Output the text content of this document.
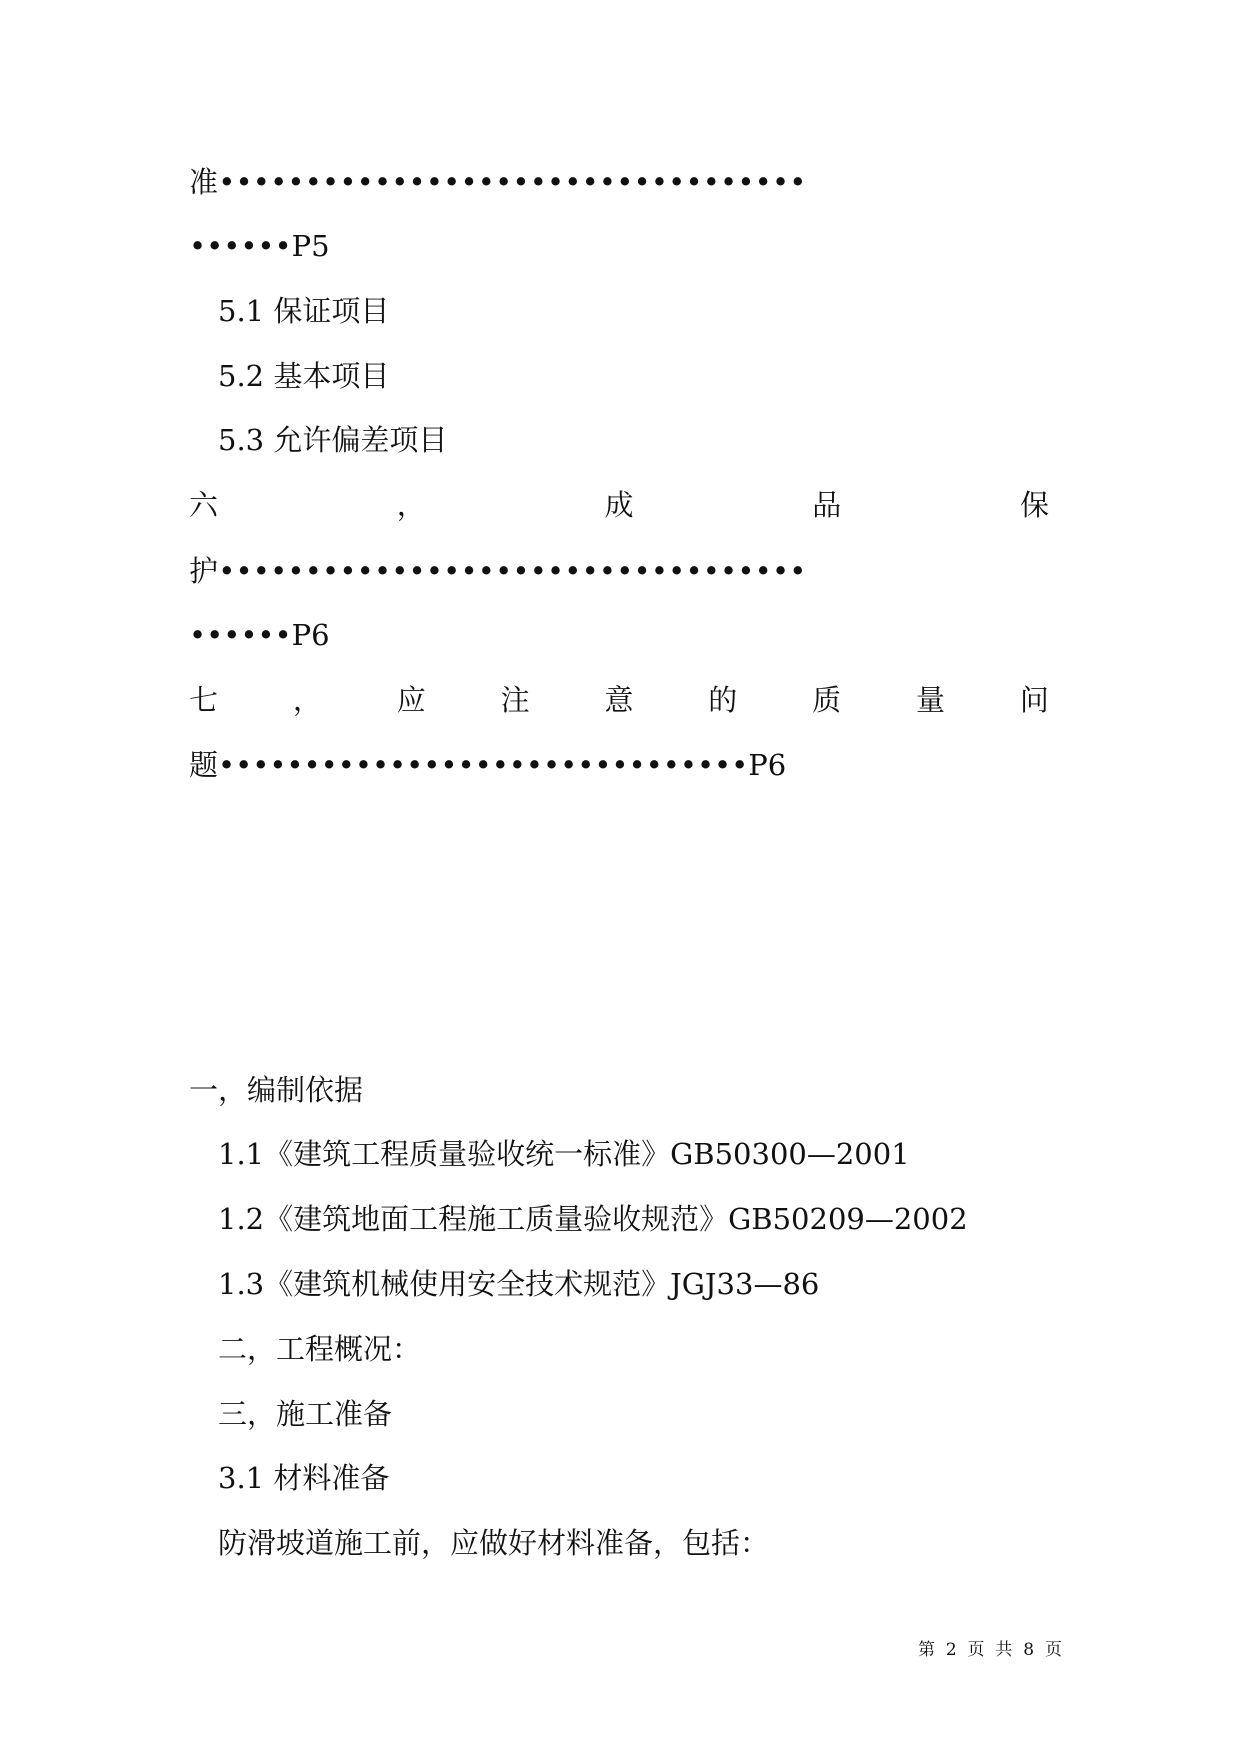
准••••••••••••••••••••••••••••••••••
••••••P5
5.1 保证项目
5.2 基本项目
5.3 允许偏差项目
六	，	成	品	保
护••••••••••••••••••••••••••••••••••
••••••P6
七	，	应	注	意	的	质	量	问
题•••••••••••••••••••••••••••••••P6
一，编制依据
1.1《建筑工程质量验收统一标准》GB50300—2001
1.2《建筑地面工程施工质量验收规范》GB50209—2002
1.3《建筑机械使用安全技术规范》JGJ33—86
二，工程概况：
三，施工准备
3.1 材料准备
防滑坡道施工前，应做好材料准备，包括：
第 2 页 共 8 页
